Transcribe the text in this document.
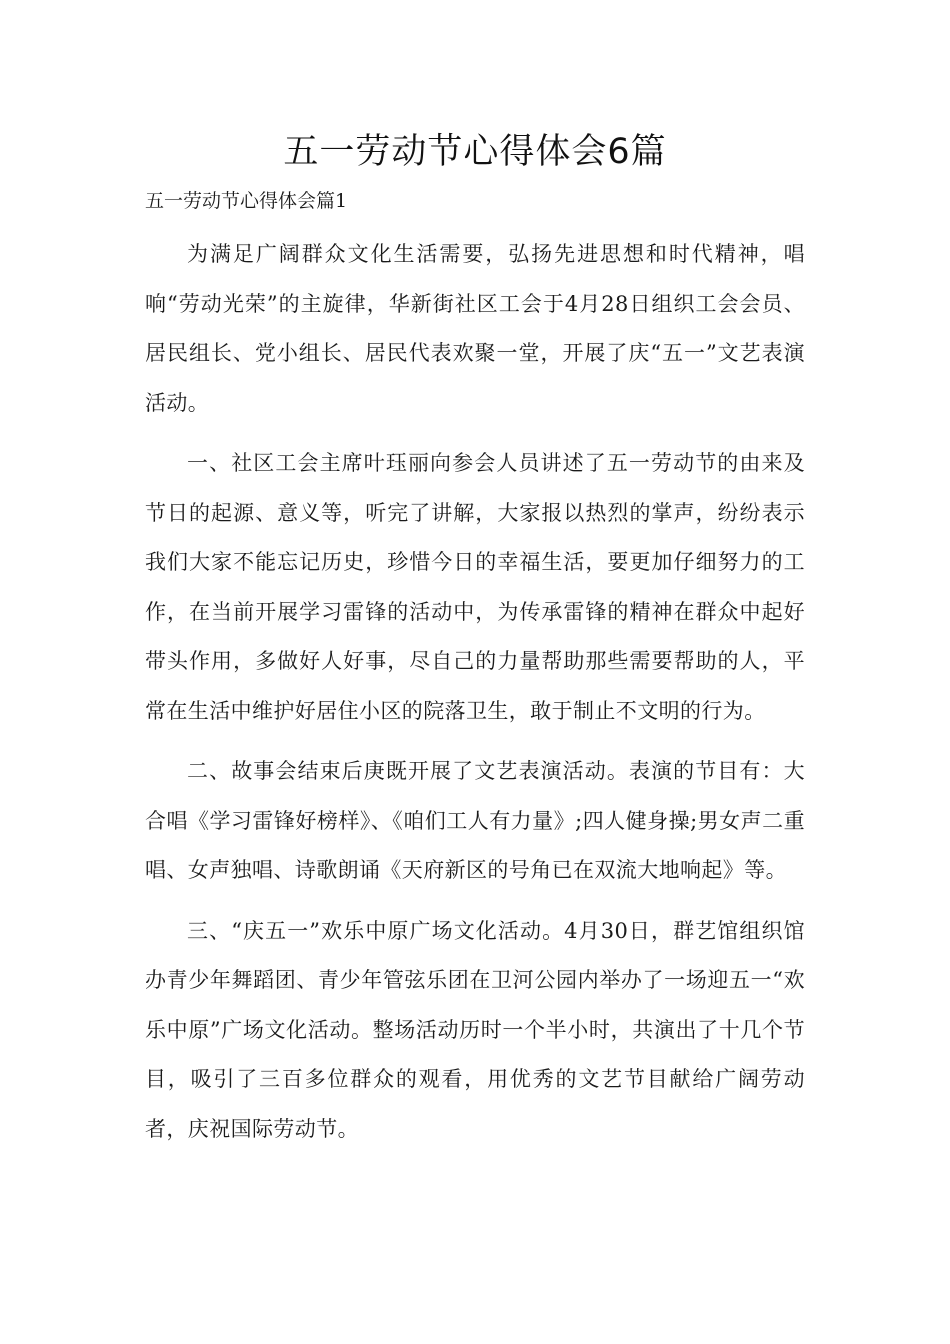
五一劳动节心得体会6篇
五一劳动节心得体会篇1

为满足广阔群众文化生活需要，弘扬先进思想和时代精神，唱响“劳动光荣”的主旋律，华新街社区工会于4月28日组织工会会员、居民组长、党小组长、居民代表欢聚一堂，开展了庆“五一”文艺表演活动。

一、社区工会主席叶珏丽向参会人员讲述了五一劳动节的由来及节日的起源、意义等，听完了讲解，大家报以热烈的掌声，纷纷表示我们大家不能忘记历史，珍惜今日的幸福生活，要更加仔细努力的工作，在当前开展学习雷锋的活动中，为传承雷锋的精神在群众中起好带头作用，多做好人好事，尽自己的力量帮助那些需要帮助的人，平常在生活中维护好居住小区的院落卫生，敢于制止不文明的行为。

二、故事会结束后庚既开展了文艺表演活动。表演的节目有：大合唱《学习雷锋好榜样》、《咱们工人有力量》;四人健身操;男女声二重唱、女声独唱、诗歌朗诵《天府新区的号角已在双流大地响起》等。

三、“庆五一”欢乐中原广场文化活动。4月30日，群艺馆组织馆办青少年舞蹈团、青少年管弦乐团在卫河公园内举办了一场迎五一“欢乐中原”广场文化活动。整场活动历时一个半小时，共演出了十几个节目，吸引了三百多位群众的观看，用优秀的文艺节目献给广阔劳动者，庆祝国际劳动节。
